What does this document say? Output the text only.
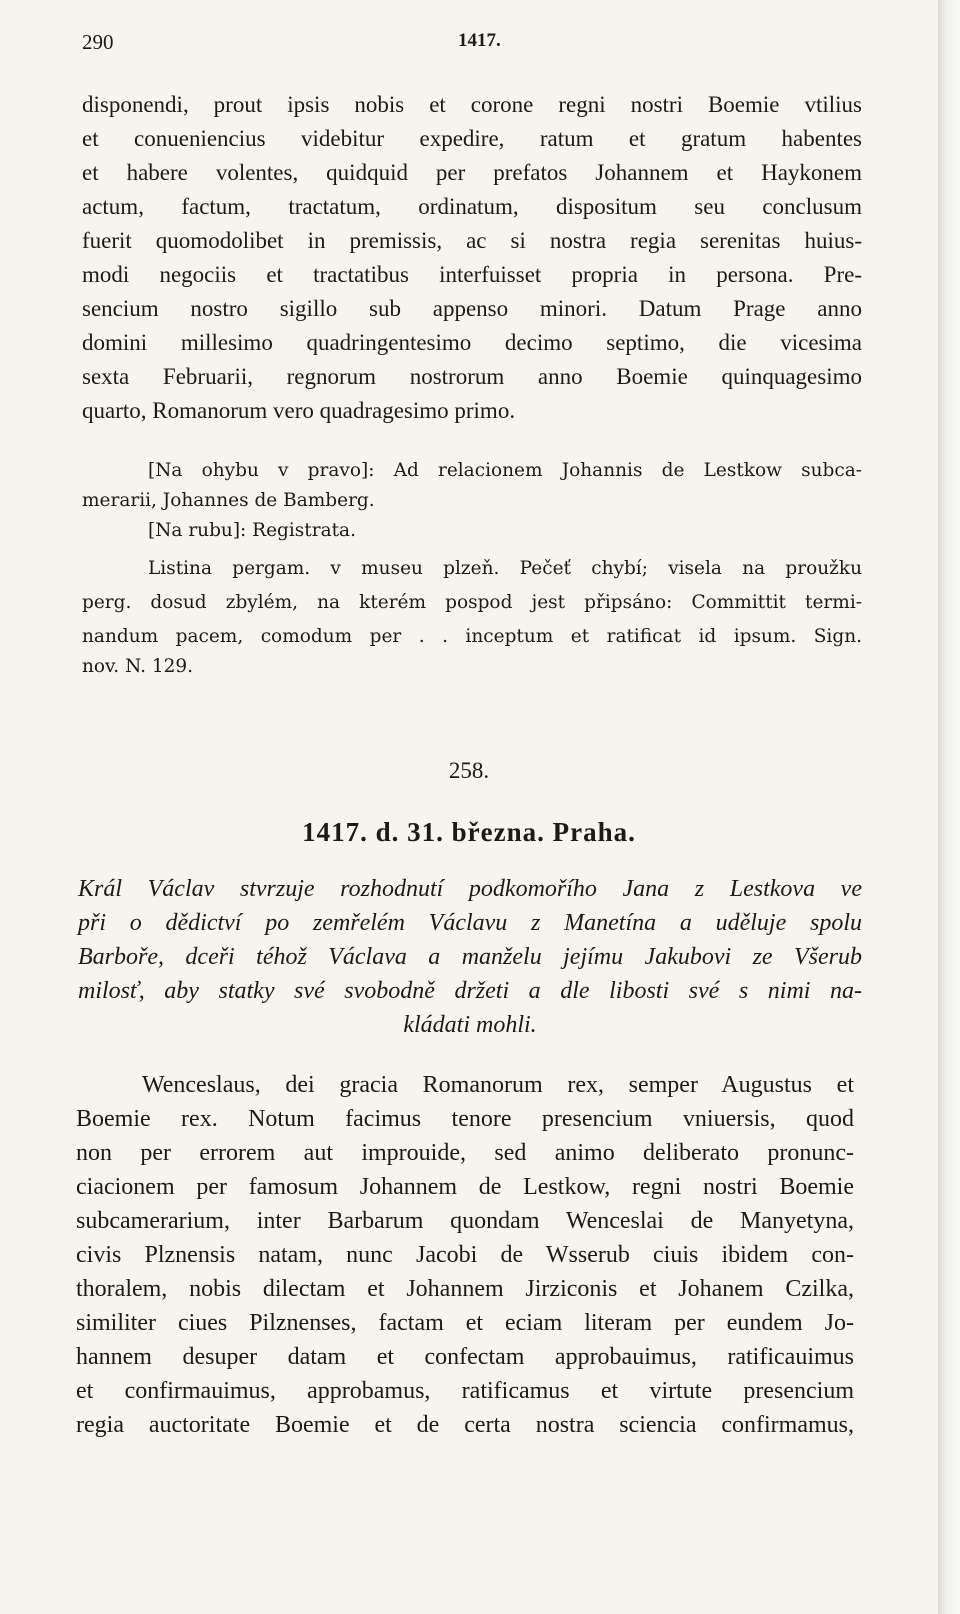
290	1417.
disponendi, prout ipsis nobis et corone regni nostri Boemie vtilius
et conueniencius videbitur expedire, ratum et gratum habentes
et habere volentes, quidquid per prefatos Johannem et Haykonem
actum, factum, tractatum, ordinatum, dispositum seu conclusum
fuerit quomodolibet in premissis, ac si nostra regia serenitas huius-
modi negociis et tractatibus interfuisset propria in persona. Pre-
sencium nostro sigillo sub appenso minori. Datum Prage anno
domini millesimo quadringentesimo decimo septimo, die vicesima
sexta Februarii, regnorum nostrorum anno Boemie quinquagesimo
quarto, Romanorum vero quadragesimo primo.
[Na ohybu v pravo]: Ad relacionem Johannis de Lestkow subca-
merarii, Johannes de Bamberg.
[Na rubu]: Registrata.
Listina pergam. v museu plzeň. Pečeť chybí; visela na proužku
perg. dosud zbylém, na kterém pospod jest připsáno: Committit termi-
nandum pacem, comodum per . . inceptum et ratificat id ipsum. Sign.
nov. N. 129.
258.
1417. d. 31. března. Praha.
Král Václav stvrzuje rozhodnutí podkomořího Jana z Lestkova ve
při o dědictví po zemřelém Václavu z Manetína a uděluje spolu
Barboře, dceři téhož Václava a manželu jejímu Jakubovi ze Všerub
milosť, aby statky své svobodně držeti a dle libosti své s nimi na-
kládati mohli.
Wenceslaus, dei gracia Romanorum rex, semper Augustus et
Boemie rex. Notum facimus tenore presencium vniuersis, quod
non per errorem aut improuide, sed animo deliberato pronunc-
ciacionem per famosum Johannem de Lestkow, regni nostri Boemie
subcamerarium, inter Barbarum quondam Wenceslai de Manyetyna,
civis Plznensis natam, nunc Jacobi de Wsserub ciuis ibidem con-
thoralem, nobis dilectam et Johannem Jirziconis et Johanem Czilka,
similiter ciues Pilznenses, factam et eciam literam per eundem Jo-
hannem desuper datam et confectam approbauimus, ratificauimus
et confirmauimus, approbamus, ratificamus et virtute presencium
regia auctoritate Boemie et de certa nostra sciencia confirmamus,
